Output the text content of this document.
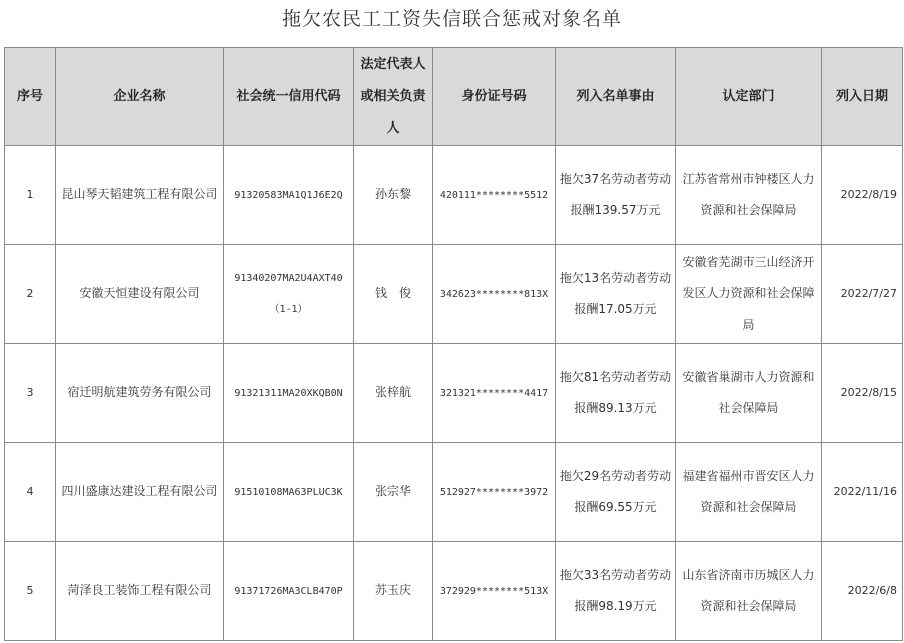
拖欠农民工工资失信联合惩戒对象名单
序号	企业名称	社会统一信用代码	法定代表人或相关负责人	身份证号码	列入名单事由	认定部门	列入日期
1	昆山琴天韬建筑工程有限公司	91320583MA1Q1J6E2Q	孙东黎	420111********5512	拖欠37名劳动者劳动报酬139.57万元	江苏省常州市钟楼区人力资源和社会保障局	2022/8/19
2	安徽天恒建设有限公司	91340207MA2U4AXT40（1-1）	钱　俊	342623********813X	拖欠13名劳动者劳动报酬17.05万元	安徽省芜湖市三山经济开发区人力资源和社会保障局	2022/7/27
3	宿迁明航建筑劳务有限公司	91321311MA20XKQB0N	张梓航	321321********4417	拖欠81名劳动者劳动报酬89.13万元	安徽省巢湖市人力资源和社会保障局	2022/8/15
4	四川盛康达建设工程有限公司	91510108MA63PLUC3K	张宗华	512927********3972	拖欠29名劳动者劳动报酬69.55万元	福建省福州市晋安区人力资源和社会保障局	2022/11/16
5	菏泽良工装饰工程有限公司	91371726MA3CLB470P	苏玉庆	372929********513X	拖欠33名劳动者劳动报酬98.19万元	山东省济南市历城区人力资源和社会保障局	2022/6/8
